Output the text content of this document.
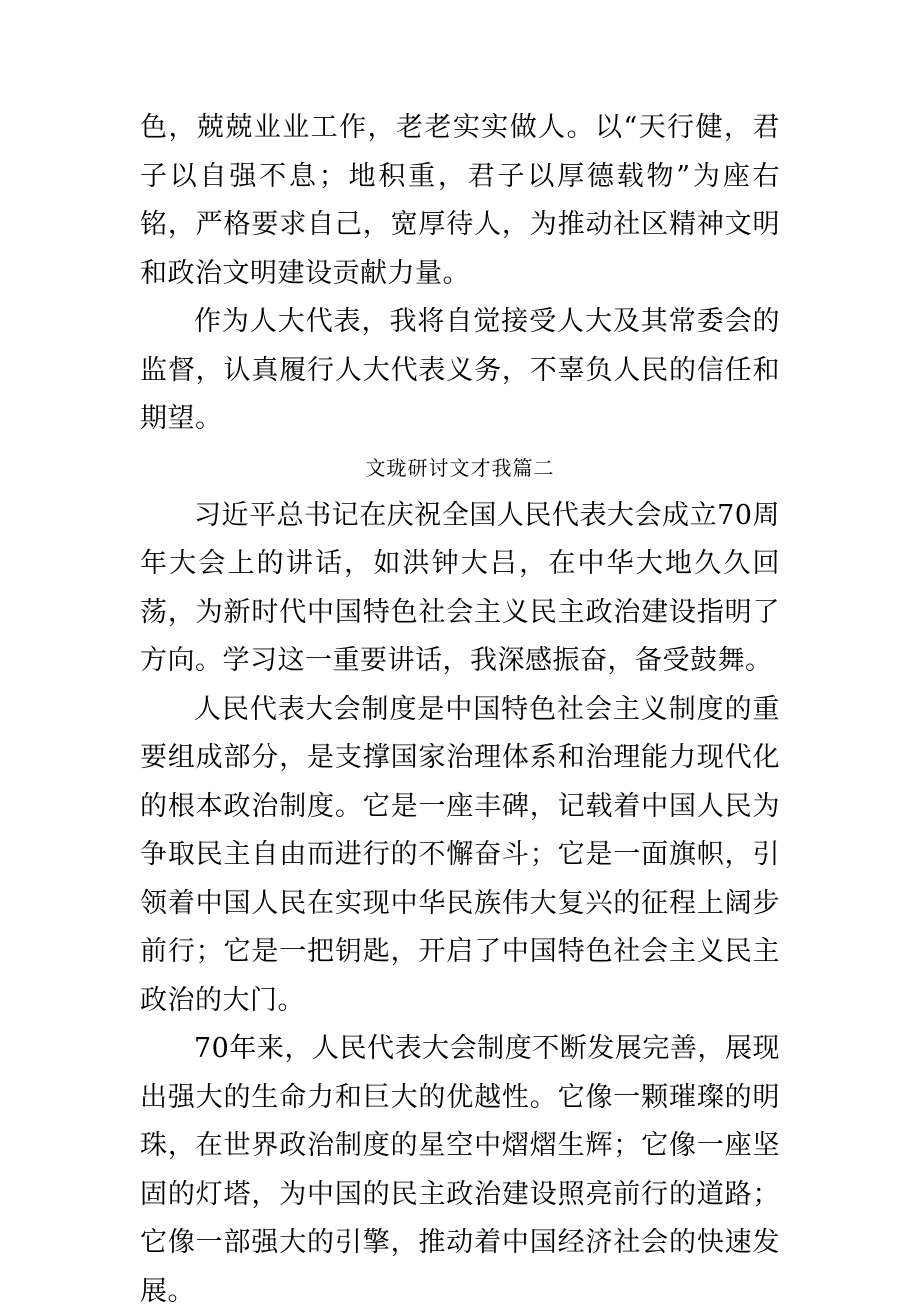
色，兢兢业业工作，老老实实做人。以“天行健，君子以自强不息；地积重，君子以厚德载物”为座右铭，严格要求自己，宽厚待人，为推动社区精神文明和政治文明建设贡献力量。

作为人大代表，我将自觉接受人大及其常委会的监督，认真履行人大代表义务，不辜负人民的信任和期望。

文珑研讨文才我篇二

习近平总书记在庆祝全国人民代表大会成立70周年大会上的讲话，如洪钟大吕，在中华大地久久回荡，为新时代中国特色社会主义民主政治建设指明了方向。学习这一重要讲话，我深感振奋，备受鼓舞。

人民代表大会制度是中国特色社会主义制度的重要组成部分，是支撑国家治理体系和治理能力现代化的根本政治制度。它是一座丰碑，记载着中国人民为争取民主自由而进行的不懈奋斗；它是一面旗帜，引领着中国人民在实现中华民族伟大复兴的征程上阔步前行；它是一把钥匙，开启了中国特色社会主义民主政治的大门。

70年来，人民代表大会制度不断发展完善，展现出强大的生命力和巨大的优越性。它像一颗璀璨的明珠，在世界政治制度的星空中熠熠生辉；它像一座坚固的灯塔，为中国的民主政治建设照亮前行的道路；它像一部强大的引擎，推动着中国经济社会的快速发展。
